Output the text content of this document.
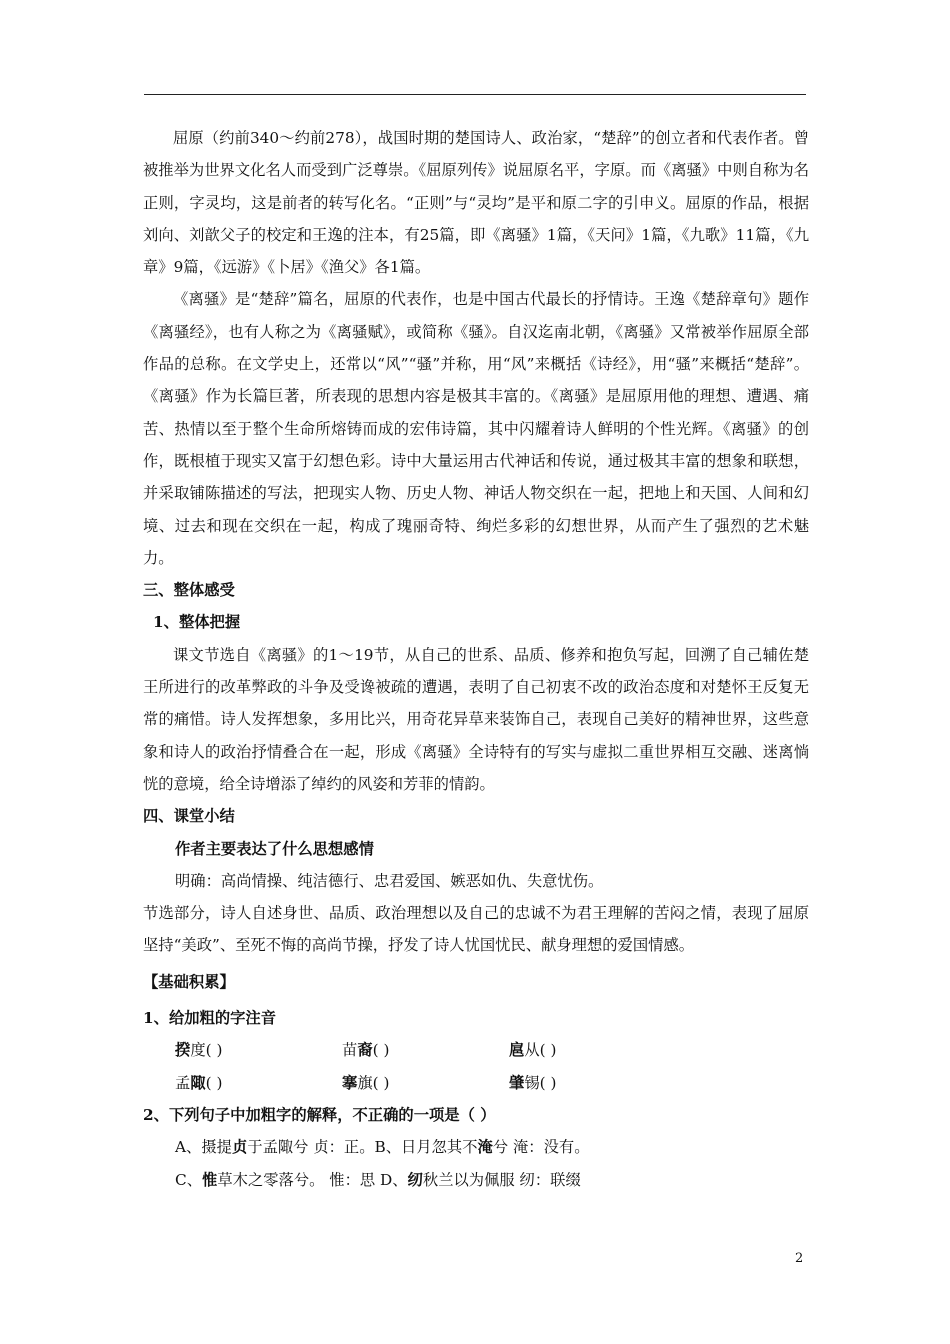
屈原（约前340～约前278），战国时期的楚国诗人、政治家，“楚辞”的创立者和代表作者。曾被推举为世界文化名人而受到广泛尊崇。《屈原列传》说屈原名平，字原。而《离骚》中则自称为名正则，字灵均，这是前者的转写化名。“正则”与“灵均”是平和原二字的引申义。屈原的作品，根据刘向、刘歆父子的校定和王逸的注本，有25篇，即《离骚》1篇，《天问》1篇，《九歌》11篇，《九章》9篇，《远游》《卜居》《渔父》各1篇。

《离骚》是“楚辞”篇名，屈原的代表作，也是中国古代最长的抒情诗。王逸《楚辞章句》题作《离骚经》，也有人称之为《离骚赋》，或简称《骚》。自汉迄南北朝，《离骚》又常被举作屈原全部作品的总称。在文学史上，还常以“风”“骚”并称，用“风”来概括《诗经》，用“骚”来概括“楚辞”。《离骚》作为长篇巨著，所表现的思想内容是极其丰富的。《离骚》是屈原用他的理想、遭遇、痛苦、热情以至于整个生命所熔铸而成的宏伟诗篇，其中闪耀着诗人鲜明的个性光辉。《离骚》的创作，既根植于现实又富于幻想色彩。诗中大量运用古代神话和传说，通过极其丰富的想象和联想，并采取铺陈描述的写法，把现实人物、历史人物、神话人物交织在一起，把地上和天国、人间和幻境、过去和现在交织在一起，构成了瑰丽奇特、绚烂多彩的幻想世界，从而产生了强烈的艺术魅力。

三、整体感受

1、整体把握

课文节选自《离骚》的1～19节，从自己的世系、品质、修养和抱负写起，回溯了自己辅佐楚王所进行的改革弊政的斗争及受谗被疏的遭遇，表明了自己初衷不改的政治态度和对楚怀王反复无常的痛惜。诗人发挥想象，多用比兴，用奇花异草来装饰自己，表现自己美好的精神世界，这些意象和诗人的政治抒情叠合在一起，形成《离骚》全诗特有的写实与虚拟二重世界相互交融、迷离惝恍的意境，给全诗增添了绰约的风姿和芳菲的情韵。

四、课堂小结

作者主要表达了什么思想感情

明确：高尚情操、纯洁德行、忠君爱国、嫉恶如仇、失意忧伤。

节选部分，诗人自述身世、品质、政治理想以及自己的忠诚不为君王理解的苦闷之情，表现了屈原坚持“美政”、至死不悔的高尚节操，抒发了诗人忧国忧民、献身理想的爱国情感。

【基础积累】

1、给加粗的字注音

揆度( )	苗裔( )	扈从( )
孟陬( )	搴旗( )	肇锡( )

2、下列句子中加粗字的解释，不正确的一项是（ ）

A、摄提贞于孟陬兮 贞：正。B、日月忽其不淹兮 淹：没有。

C、惟草木之零落兮。 惟：思 D、纫秋兰以为佩服 纫：联缀

2
